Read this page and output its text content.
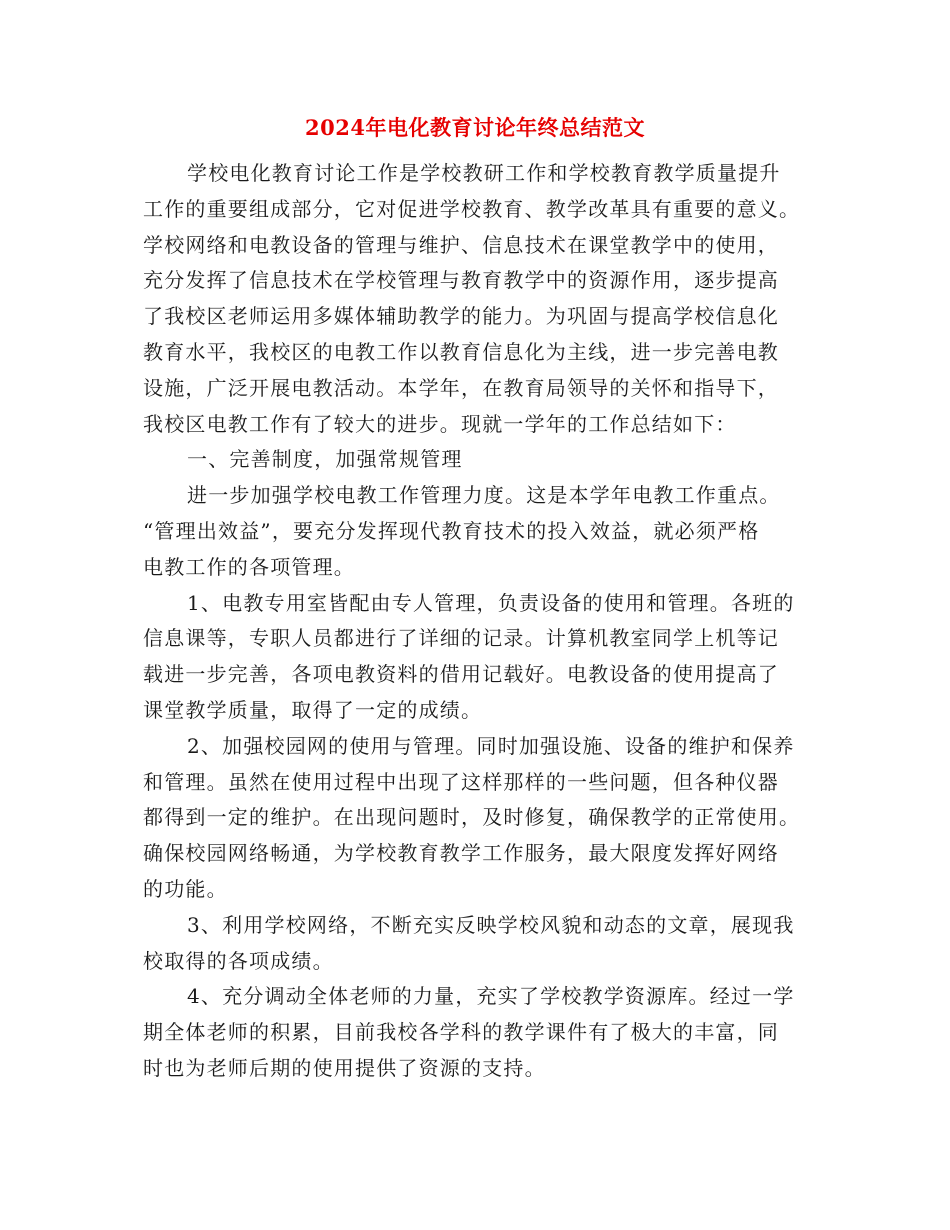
2024年电化教育讨论年终总结范文
学校电化教育讨论工作是学校教研工作和学校教育教学质量提升
工作的重要组成部分，它对促进学校教育、教学改革具有重要的意义。
学校网络和电教设备的管理与维护、信息技术在课堂教学中的使用，
充分发挥了信息技术在学校管理与教育教学中的资源作用，逐步提高
了我校区老师运用多媒体辅助教学的能力。为巩固与提高学校信息化
教育水平，我校区的电教工作以教育信息化为主线，进一步完善电教
设施，广泛开展电教活动。本学年，在教育局领导的关怀和指导下，
我校区电教工作有了较大的进步。现就一学年的工作总结如下：
一、完善制度，加强常规管理
进一步加强学校电教工作管理力度。这是本学年电教工作重点。
“管理出效益”，要充分发挥现代教育技术的投入效益，就必须严格
电教工作的各项管理。
1、电教专用室皆配由专人管理，负责设备的使用和管理。各班的
信息课等，专职人员都进行了详细的记录。计算机教室同学上机等记
载进一步完善，各项电教资料的借用记载好。电教设备的使用提高了
课堂教学质量，取得了一定的成绩。
2、加强校园网的使用与管理。同时加强设施、设备的维护和保养
和管理。虽然在使用过程中出现了这样那样的一些问题，但各种仪器
都得到一定的维护。在出现问题时，及时修复，确保教学的正常使用。
确保校园网络畅通，为学校教育教学工作服务，最大限度发挥好网络
的功能。
3、利用学校网络，不断充实反映学校风貌和动态的文章，展现我
校取得的各项成绩。
4、充分调动全体老师的力量，充实了学校教学资源库。经过一学
期全体老师的积累，目前我校各学科的教学课件有了极大的丰富，同
时也为老师后期的使用提供了资源的支持。
